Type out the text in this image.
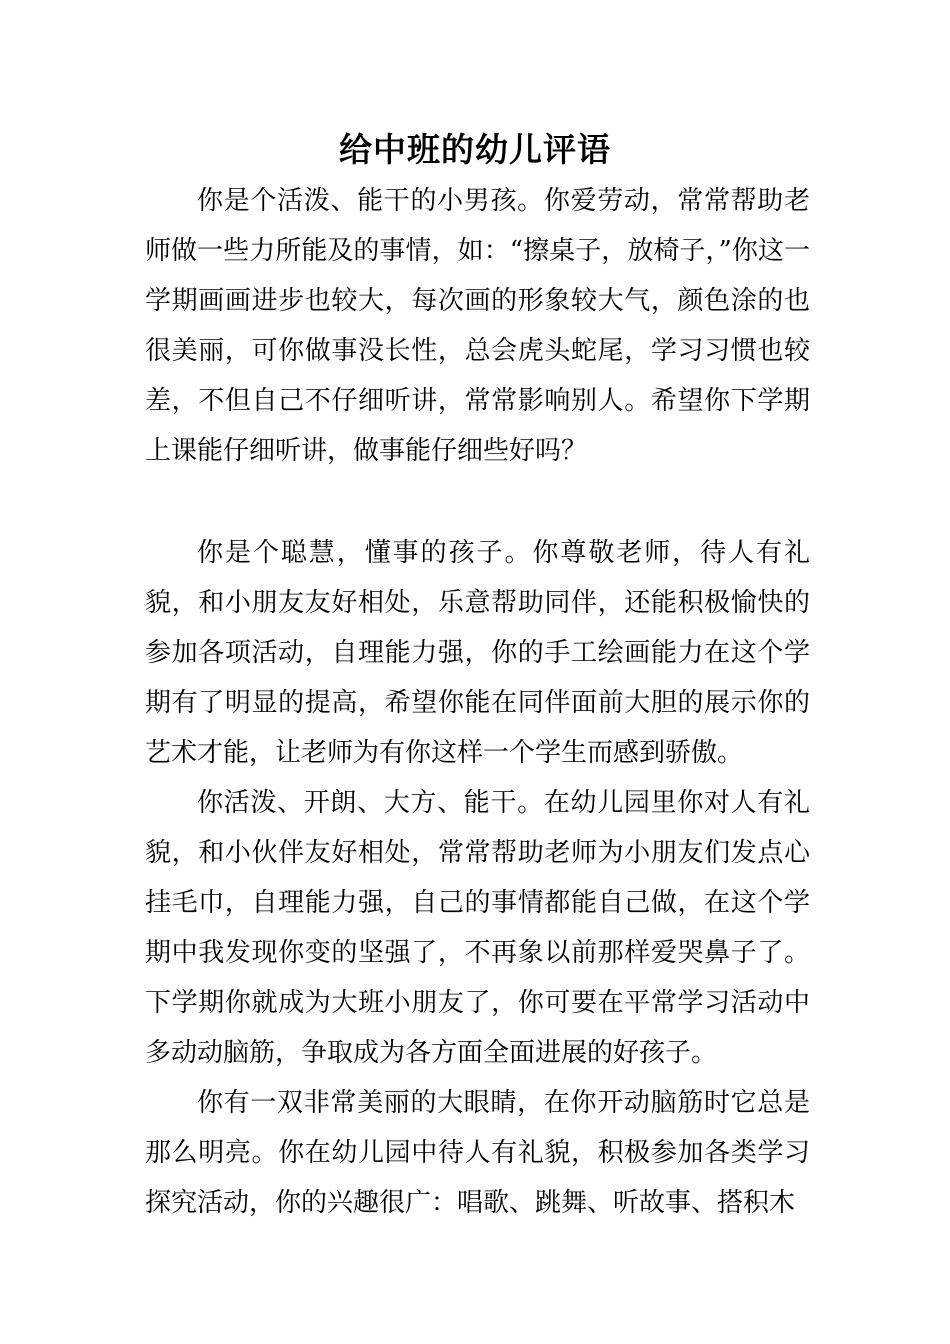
给中班的幼儿评语

你是个活泼、能干的小男孩。你爱劳动，常常帮助老师做一些力所能及的事情，如：“擦桌子，放椅子，”你这一学期画画进步也较大，每次画的形象较大气，颜色涂的也很美丽，可你做事没长性，总会虎头蛇尾，学习习惯也较差，不但自己不仔细听讲，常常影响别人。希望你下学期上课能仔细听讲，做事能仔细些好吗？

你是个聪慧，懂事的孩子。你尊敬老师，待人有礼貌，和小朋友友好相处，乐意帮助同伴，还能积极愉快的参加各项活动，自理能力强，你的手工绘画能力在这个学期有了明显的提高，希望你能在同伴面前大胆的展示你的艺术才能，让老师为有你这样一个学生而感到骄傲。

你活泼、开朗、大方、能干。在幼儿园里你对人有礼貌，和小伙伴友好相处，常常帮助老师为小朋友们发点心挂毛巾，自理能力强，自己的事情都能自己做，在这个学期中我发现你变的坚强了，不再象以前那样爱哭鼻子了。下学期你就成为大班小朋友了，你可要在平常学习活动中多动动脑筋，争取成为各方面全面进展的好孩子。

你有一双非常美丽的大眼睛，在你开动脑筋时它总是那么明亮。你在幼儿园中待人有礼貌，积极参加各类学习探究活动，你的兴趣很广：唱歌、跳舞、听故事、搭积木
